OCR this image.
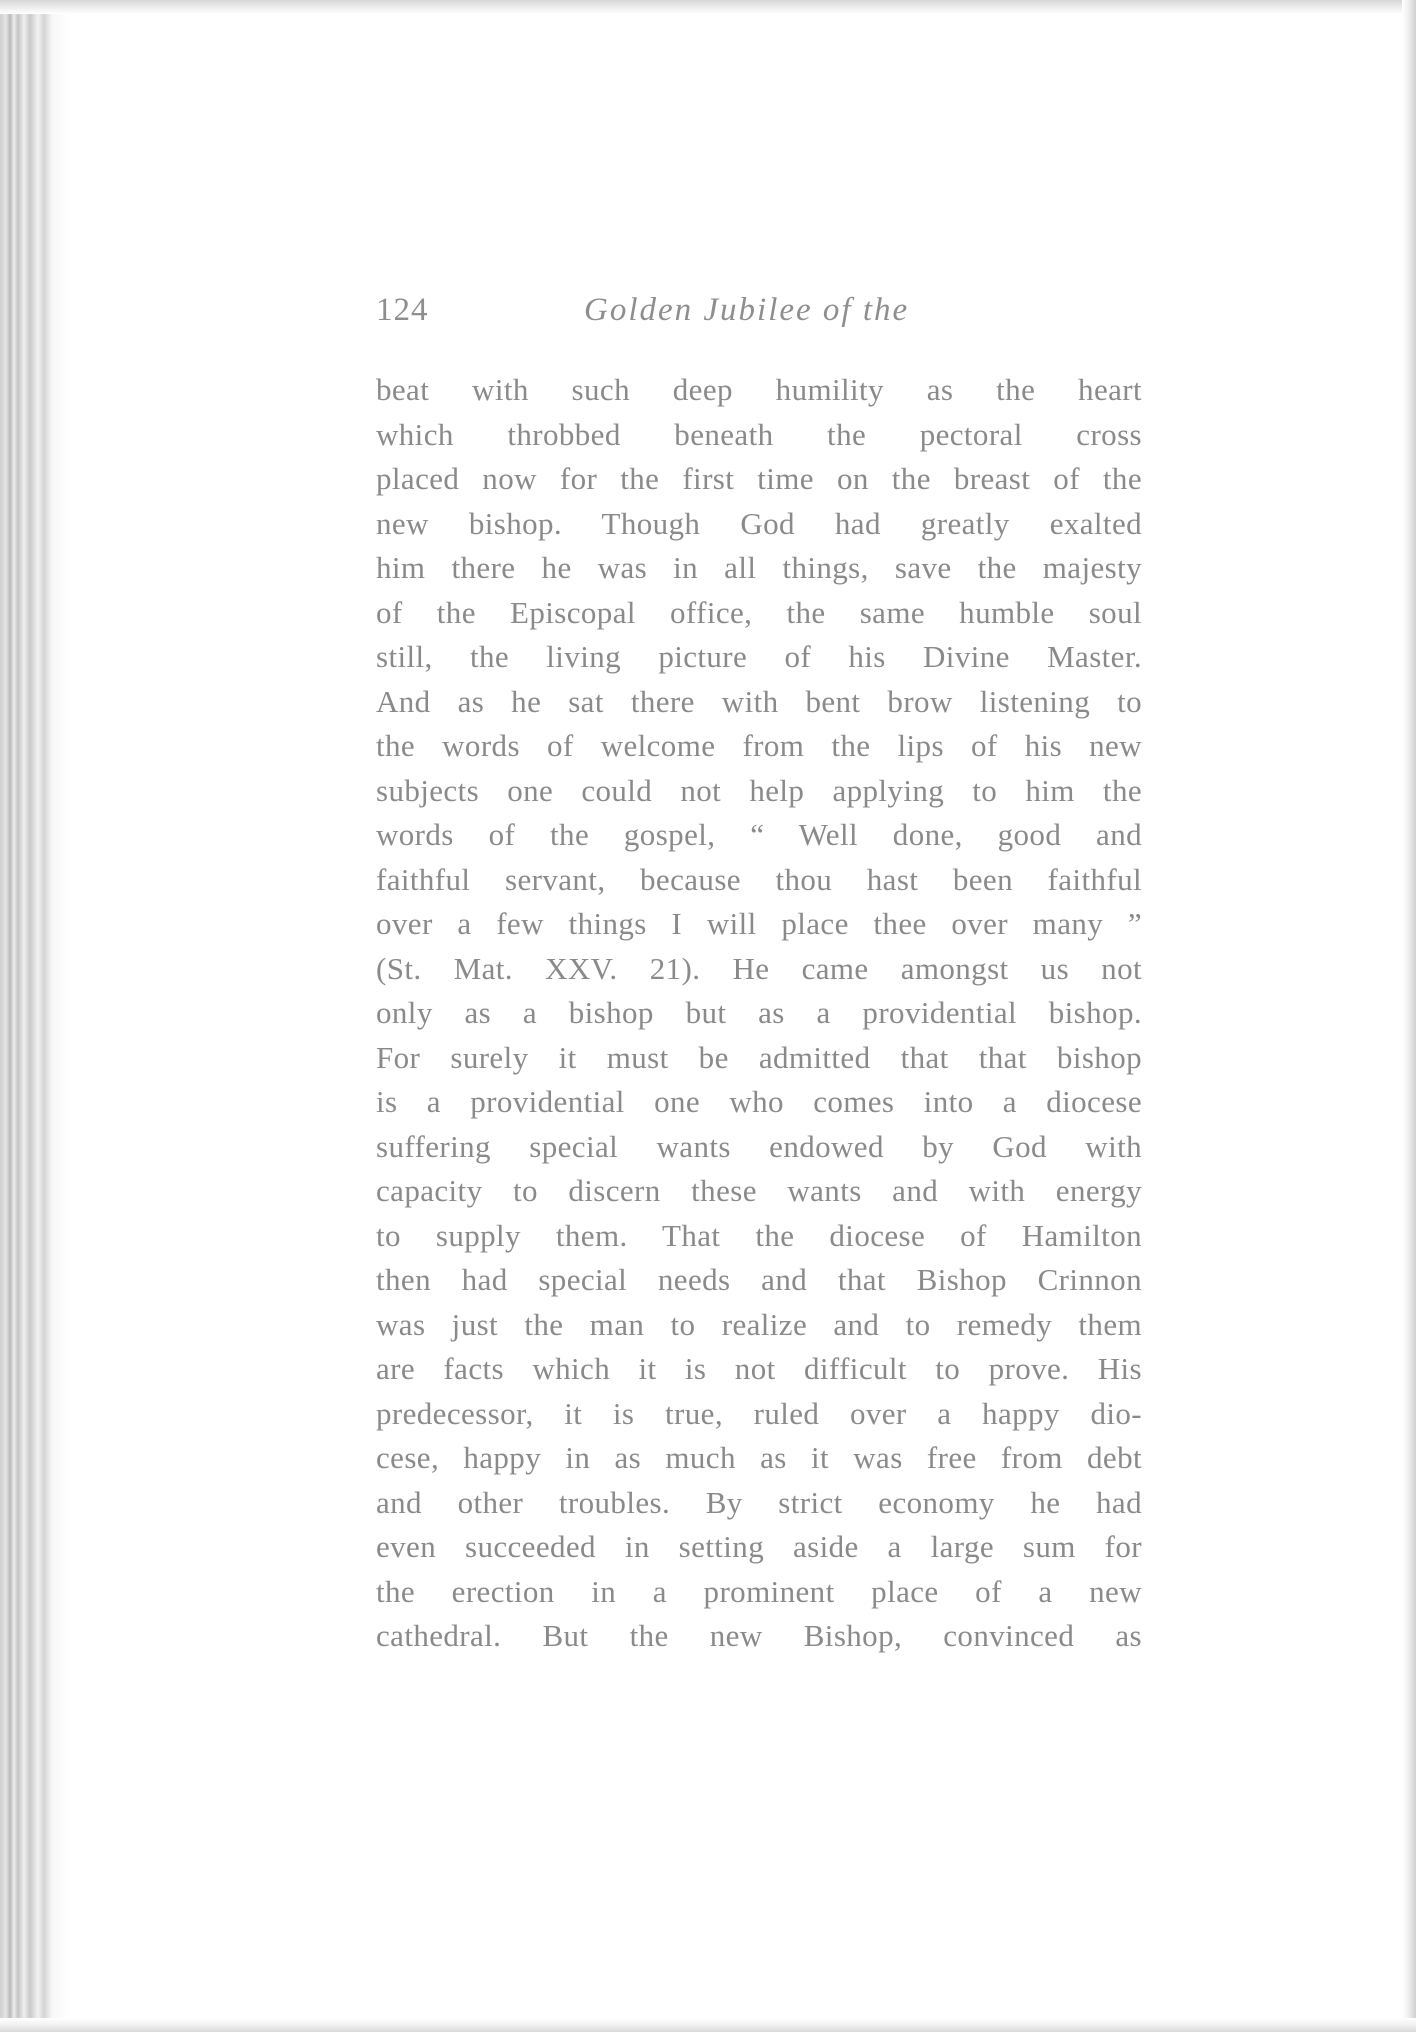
124	Golden Jubilee of the
beat with such deep humility as the heart
which throbbed beneath the pectoral cross
placed now for the first time on the breast of the
new bishop. Though God had greatly exalted
him there he was in all things, save the majesty
of the Episcopal office, the same humble soul
still, the living picture of his Divine Master.
And as he sat there with bent brow listening to
the words of welcome from the lips of his new
subjects one could not help applying to him the
words of the gospel, “ Well done, good and
faithful servant, because thou hast been faithful
over a few things I will place thee over many ”
(St. Mat. XXV. 21). He came amongst us not
only as a bishop but as a providential bishop.
For surely it must be admitted that that bishop
is a providential one who comes into a diocese
suffering special wants endowed by God with
capacity to discern these wants and with energy
to supply them. That the diocese of Hamilton
then had special needs and that Bishop Crinnon
was just the man to realize and to remedy them
are facts which it is not difficult to prove. His
predecessor, it is true, ruled over a happy dio-
cese, happy in as much as it was free from debt
and other troubles. By strict economy he had
even succeeded in setting aside a large sum for
the erection in a prominent place of a new
cathedral. But the new Bishop, convinced as
